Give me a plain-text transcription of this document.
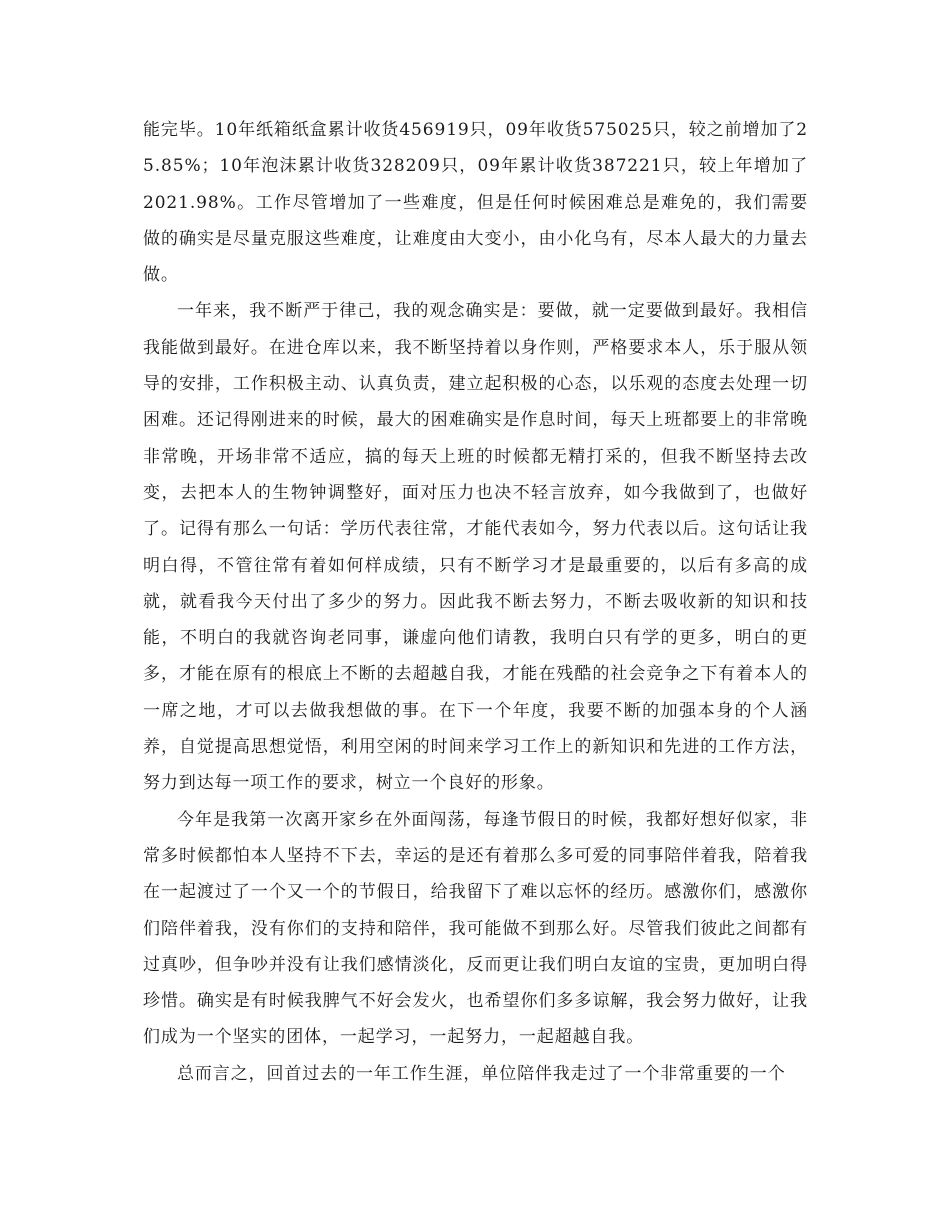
能完毕。10年纸箱纸盒累计收货456919只，09年收货575025只，较之前增加了25.85%；10年泡沫累计收货328209只，09年累计收货387221只，较上年增加了2021.98%。工作尽管增加了一些难度，但是任何时候困难总是难免的，我们需要做的确实是尽量克服这些难度，让难度由大变小，由小化乌有，尽本人最大的力量去做。

一年来，我不断严于律己，我的观念确实是：要做，就一定要做到最好。我相信我能做到最好。在进仓库以来，我不断坚持着以身作则，严格要求本人，乐于服从领导的安排，工作积极主动、认真负责，建立起积极的心态，以乐观的态度去处理一切困难。还记得刚进来的时候，最大的困难确实是作息时间，每天上班都要上的非常晚非常晚，开场非常不适应，搞的每天上班的时候都无精打采的，但我不断坚持去改变，去把本人的生物钟调整好，面对压力也决不轻言放弃，如今我做到了，也做好了。记得有那么一句话：学历代表往常，才能代表如今，努力代表以后。这句话让我明白得，不管往常有着如何样成绩，只有不断学习才是最重要的，以后有多高的成就，就看我今天付出了多少的努力。因此我不断去努力，不断去吸收新的知识和技能，不明白的我就咨询老同事，谦虚向他们请教，我明白只有学的更多，明白的更多，才能在原有的根底上不断的去超越自我，才能在残酷的社会竞争之下有着本人的一席之地，才可以去做我想做的事。在下一个年度，我要不断的加强本身的个人涵养，自觉提高思想觉悟，利用空闲的时间来学习工作上的新知识和先进的工作方法，努力到达每一项工作的要求，树立一个良好的形象。

今年是我第一次离开家乡在外面闯荡，每逢节假日的时候，我都好想好似家，非常多时候都怕本人坚持不下去，幸运的是还有着那么多可爱的同事陪伴着我，陪着我在一起渡过了一个又一个的节假日，给我留下了难以忘怀的经历。感激你们，感激你们陪伴着我，没有你们的支持和陪伴，我可能做不到那么好。尽管我们彼此之间都有过真吵，但争吵并没有让我们感情淡化，反而更让我们明白友谊的宝贵，更加明白得珍惜。确实是有时候我脾气不好会发火，也希望你们多多谅解，我会努力做好，让我们成为一个坚实的团体，一起学习，一起努力，一起超越自我。

总而言之，回首过去的一年工作生涯，单位陪伴我走过了一个非常重要的一个
